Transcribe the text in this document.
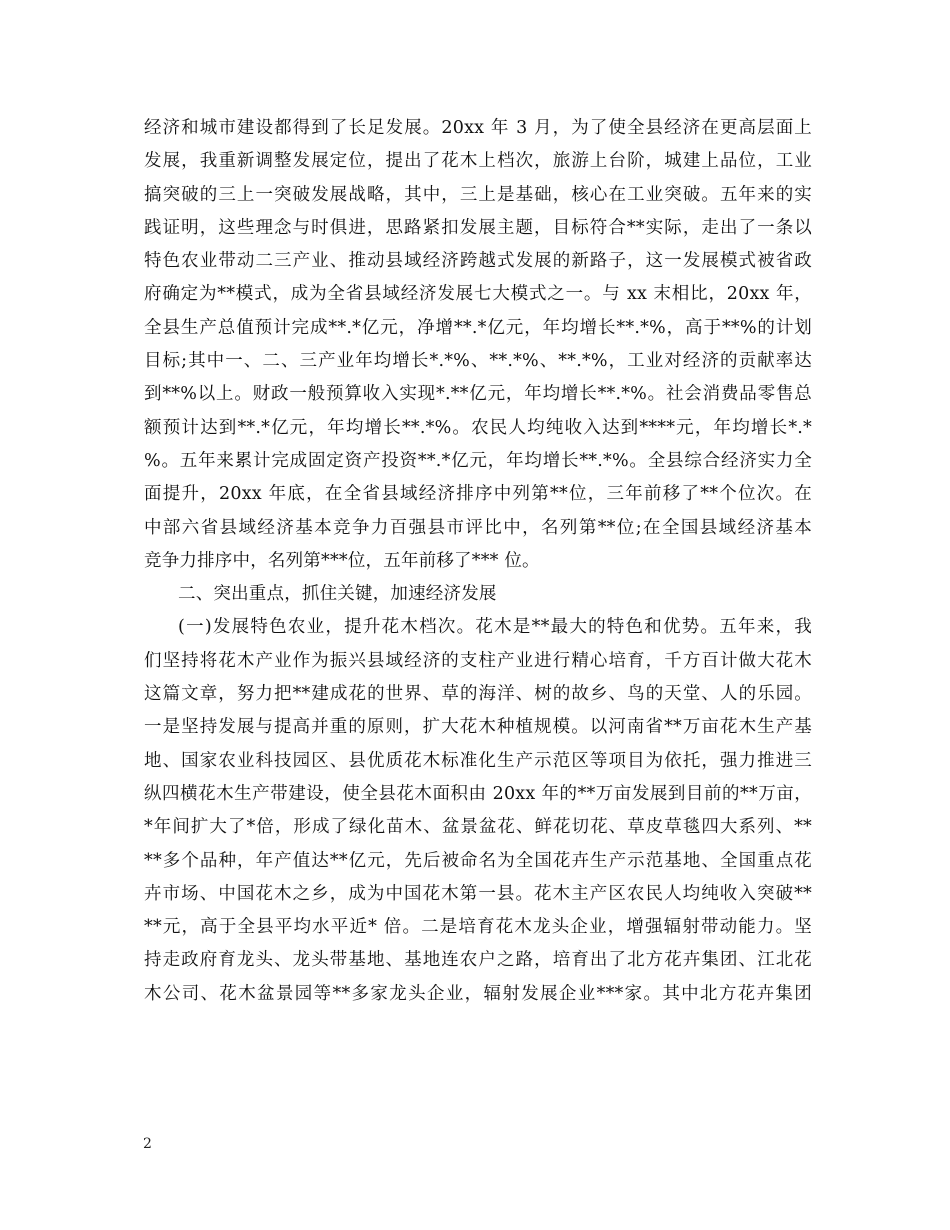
经济和城市建设都得到了长足发展。20xx 年 3 月，为了使全县经济在更高层面上
发展，我重新调整发展定位，提出了花木上档次，旅游上台阶，城建上品位，工业
搞突破的三上一突破发展战略，其中，三上是基础，核心在工业突破。五年来的实
践证明，这些理念与时俱进，思路紧扣发展主题，目标符合**实际，走出了一条以
特色农业带动二三产业、推动县域经济跨越式发展的新路子，这一发展模式被省政
府确定为**模式，成为全省县域经济发展七大模式之一。与 xx 末相比，20xx 年，
全县生产总值预计完成**.*亿元，净增**.*亿元，年均增长**.*%，高于**%的计划
目标;其中一、二、三产业年均增长*.*%、**.*%、**.*%，工业对经济的贡献率达
到**%以上。财政一般预算收入实现*.**亿元，年均增长**.*%。社会消费品零售总
额预计达到**.*亿元，年均增长**.*%。农民人均纯收入达到****元，年均增长*.*
%。五年来累计完成固定资产投资**.*亿元，年均增长**.*%。全县综合经济实力全
面提升，20xx 年底，在全省县域经济排序中列第**位，三年前移了**个位次。在
中部六省县域经济基本竞争力百强县市评比中，名列第**位;在全国县域经济基本
竞争力排序中，名列第***位，五年前移了*** 位。
二、突出重点，抓住关键，加速经济发展
(一)发展特色农业，提升花木档次。花木是**最大的特色和优势。五年来，我
们坚持将花木产业作为振兴县域经济的支柱产业进行精心培育，千方百计做大花木
这篇文章，努力把**建成花的世界、草的海洋、树的故乡、鸟的天堂、人的乐园。
一是坚持发展与提高并重的原则，扩大花木种植规模。以河南省**万亩花木生产基
地、国家农业科技园区、县优质花木标准化生产示范区等项目为依托，强力推进三
纵四横花木生产带建设，使全县花木面积由 20xx 年的**万亩发展到目前的**万亩，
*年间扩大了*倍，形成了绿化苗木、盆景盆花、鲜花切花、草皮草毯四大系列、**
**多个品种，年产值达**亿元，先后被命名为全国花卉生产示范基地、全国重点花
卉市场、中国花木之乡，成为中国花木第一县。花木主产区农民人均纯收入突破**
**元，高于全县平均水平近* 倍。二是培育花木龙头企业，增强辐射带动能力。坚
持走政府育龙头、龙头带基地、基地连农户之路，培育出了北方花卉集团、江北花
木公司、花木盆景园等**多家龙头企业，辐射发展企业***家。其中北方花卉集团
2
